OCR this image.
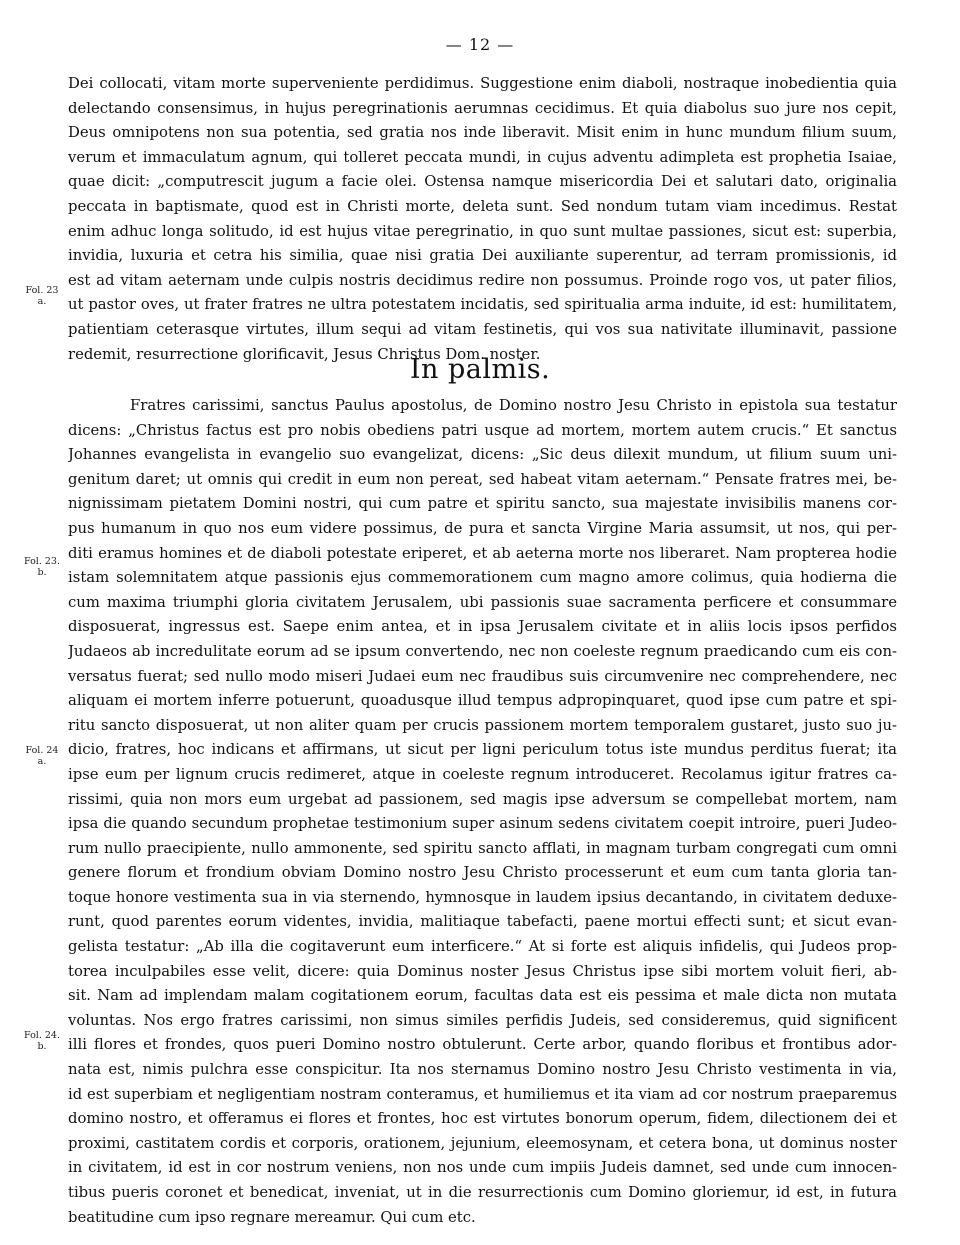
— 12 —
Dei collocati, vitam morte superveniente perdidimus. Suggestione enim diaboli, nostraque inobedientia quia
delectando consensimus, in hujus peregrinationis aerumnas cecidimus. Et quia diabolus suo jure nos cepit,
Deus omnipotens non sua potentia, sed gratia nos inde liberavit. Misit enim in hunc mundum filium suum,
verum et immaculatum agnum, qui tolleret peccata mundi, in cujus adventu adimpleta est prophetia Isaiae,
quae dicit: „computrescit jugum a facie olei. Ostensa namque misericordia Dei et salutari dato, originalia
peccata in baptismate, quod est in Christi morte, deleta sunt. Sed nondum tutam viam incedimus. Restat
enim adhuc longa solitudo, id est hujus vitae peregrinatio, in quo sunt multae passiones, sicut est: superbia,
invidia, luxuria et cetra his similia, quae nisi gratia Dei auxiliante superentur, ad terram promissionis, id
est ad vitam aeternam unde culpis nostris decidimus redire non possumus. Proinde rogo vos, ut pater filios,
ut pastor oves, ut frater fratres ne ultra potestatem incidatis, sed spiritualia arma induite, id est: humilitatem,
patientiam ceterasque virtutes, illum sequi ad vitam festinetis, qui vos sua nativitate illuminavit, passione
redemit, resurrectione glorificavit, Jesus Christus Dom. noster.
In palmis.
Fratres carissimi, sanctus Paulus apostolus, de Domino nostro Jesu Christo in epistola sua testatur
dicens: „Christus factus est pro nobis obediens patri usque ad mortem, mortem autem crucis.“ Et sanctus
Johannes evangelista in evangelio suo evangelizat, dicens: „Sic deus dilexit mundum, ut filium suum uni-
genitum daret; ut omnis qui credit in eum non pereat, sed habeat vitam aeternam.“ Pensate fratres mei, be-
nignissimam pietatem Domini nostri, qui cum patre et spiritu sancto, sua majestate invisibilis manens cor-
pus humanum in quo nos eum videre possimus, de pura et sancta Virgine Maria assumsit, ut nos, qui per-
diti eramus homines et de diaboli potestate eriperet, et ab aeterna morte nos liberaret. Nam propterea hodie
istam solemnitatem atque passionis ejus commemorationem cum magno amore colimus, quia hodierna die
cum maxima triumphi gloria civitatem Jerusalem, ubi passionis suae sacramenta perficere et consummare
disposuerat, ingressus est. Saepe enim antea, et in ipsa Jerusalem civitate et in aliis locis ipsos perfidos
Judaeos ab incredulitate eorum ad se ipsum convertendo, nec non coeleste regnum praedicando cum eis con-
versatus fuerat; sed nullo modo miseri Judaei eum nec fraudibus suis circumvenire nec comprehendere, nec
aliquam ei mortem inferre potuerunt, quoadusque illud tempus adpropinquaret, quod ipse cum patre et spi-
ritu sancto disposuerat, ut non aliter quam per crucis passionem mortem temporalem gustaret, justo suo ju-
dicio, fratres, hoc indicans et affirmans, ut sicut per ligni periculum totus iste mundus perditus fuerat; ita
ipse eum per lignum crucis redimeret, atque in coeleste regnum introduceret. Recolamus igitur fratres ca-
rissimi, quia non mors eum urgebat ad passionem, sed magis ipse adversum se compellebat mortem, nam
ipsa die quando secundum prophetae testimonium super asinum sedens civitatem coepit introire, pueri Judeo-
rum nullo praecipiente, nullo ammonente, sed spiritu sancto afflati, in magnam turbam congregati cum omni
genere florum et frondium obviam Domino nostro Jesu Christo processerunt et eum cum tanta gloria tan-
toque honore vestimenta sua in via sternendo, hymnosque in laudem ipsius decantando, in civitatem deduxe-
runt, quod parentes eorum videntes, invidia, malitiaque tabefacti, paene mortui effecti sunt; et sicut evan-
gelista testatur: „Ab illa die cogitaverunt eum interficere.“ At si forte est aliquis infidelis, qui Judeos prop-
torea inculpabiles esse velit, dicere: quia Dominus noster Jesus Christus ipse sibi mortem voluit fieri, ab-
sit. Nam ad implendam malam cogitationem eorum, facultas data est eis pessima et male dicta non mutata
voluntas. Nos ergo fratres carissimi, non simus similes perfidis Judeis, sed consideremus, quid significent
illi flores et frondes, quos pueri Domino nostro obtulerunt. Certe arbor, quando floribus et frontibus ador-
nata est, nimis pulchra esse conspicitur. Ita nos sternamus Domino nostro Jesu Christo vestimenta in via,
id est superbiam et negligentiam nostram conteramus, et humiliemus et ita viam ad cor nostrum praeparemus
domino nostro, et offeramus ei flores et frontes, hoc est virtutes bonorum operum, fidem, dilectionem dei et
proximi, castitatem cordis et corporis, orationem, jejunium, eleemosynam, et cetera bona, ut dominus noster
in civitatem, id est in cor nostrum veniens, non nos unde cum impiis Judeis damnet, sed unde cum innocen-
tibus pueris coronet et benedicat, inveniat, ut in die resurrectionis cum Domino gloriemur, id est, in futura
beatitudine cum ipso regnare mereamur. Qui cum etc.
Fol. 23
a.
Fol. 23.
b.
Fol. 24
a.
Fol. 24.
b.
